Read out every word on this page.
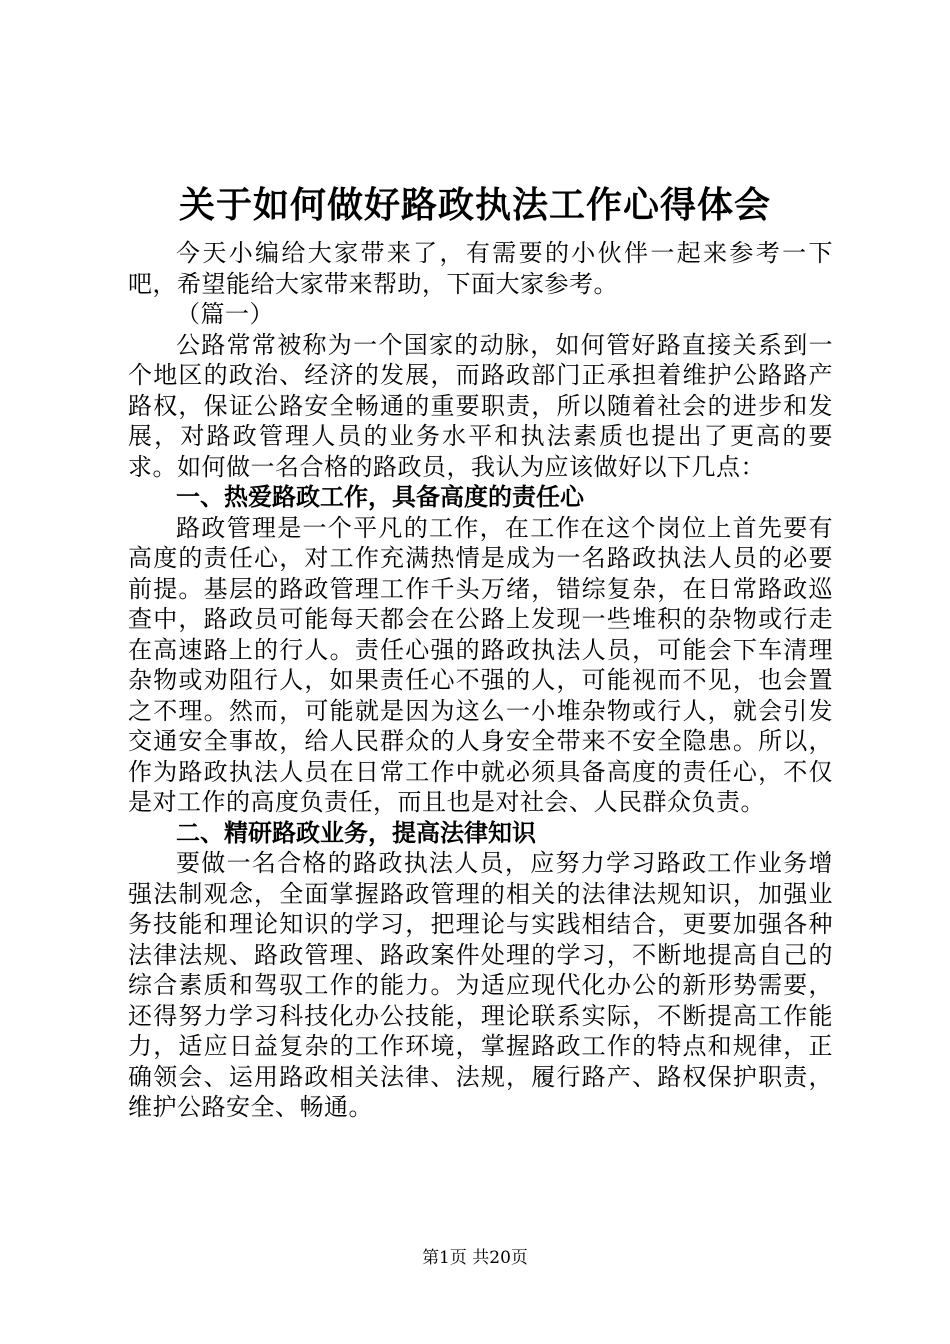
关于如何做好路政执法工作心得体会

今天小编给大家带来了，有需要的小伙伴一起来参考一下吧，希望能给大家带来帮助，下面大家参考。

（篇一）

公路常常被称为一个国家的动脉，如何管好路直接关系到一个地区的政治、经济的发展，而路政部门正承担着维护公路路产路权，保证公路安全畅通的重要职责，所以随着社会的进步和发展，对路政管理人员的业务水平和执法素质也提出了更高的要求。如何做一名合格的路政员，我认为应该做好以下几点：

一、热爱路政工作，具备高度的责任心

路政管理是一个平凡的工作，在工作在这个岗位上首先要有高度的责任心，对工作充满热情是成为一名路政执法人员的必要前提。基层的路政管理工作千头万绪，错综复杂，在日常路政巡查中，路政员可能每天都会在公路上发现一些堆积的杂物或行走在高速路上的行人。责任心强的路政执法人员，可能会下车清理杂物或劝阻行人，如果责任心不强的人，可能视而不见，也会置之不理。然而，可能就是因为这么一小堆杂物或行人，就会引发交通安全事故，给人民群众的人身安全带来不安全隐患。所以，作为路政执法人员在日常工作中就必须具备高度的责任心，不仅是对工作的高度负责任，而且也是对社会、人民群众负责。

二、精研路政业务，提高法律知识

要做一名合格的路政执法人员，应努力学习路政工作业务增强法制观念，全面掌握路政管理的相关的法律法规知识，加强业务技能和理论知识的学习，把理论与实践相结合，更要加强各种法律法规、路政管理、路政案件处理的学习，不断地提高自己的综合素质和驾驭工作的能力。为适应现代化办公的新形势需要，还得努力学习科技化办公技能，理论联系实际，不断提高工作能力，适应日益复杂的工作环境，掌握路政工作的特点和规律，正确领会、运用路政相关法律、法规，履行路产、路权保护职责，维护公路安全、畅通。

第1页 共20页
